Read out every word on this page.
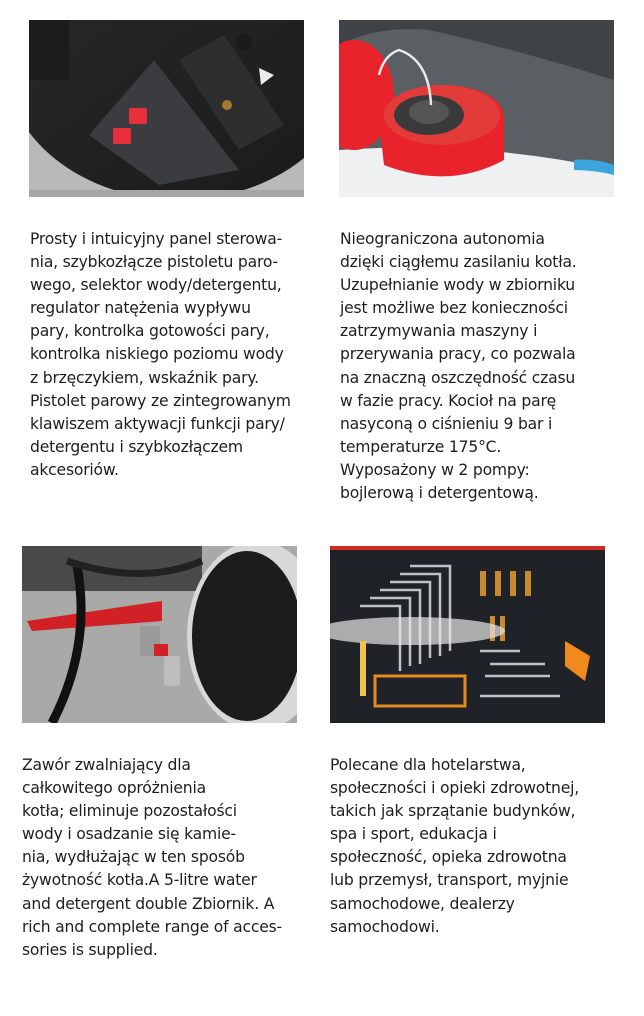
Prosty i intuicyjny panel sterowa-
nia, szybkozłącze pistoletu paro-
wego, selektor wody/detergentu,
regulator natężenia wypływu
pary, kontrolka gotowości pary,
kontrolka niskiego poziomu wody
z brzęczykiem, wskaźnik pary.
Pistolet parowy ze zintegrowanym
klawiszem aktywacji funkcji pary/
detergentu i szybkozłączem
akcesoriów.

Nieograniczona autonomia
dzięki ciągłemu zasilaniu kotła.
Uzupełnianie wody w zbiorniku
jest możliwe bez konieczności
zatrzymywania maszyny i
przerywania pracy, co pozwala
na znaczną oszczędność czasu
w fazie pracy. Kocioł na parę
nasyconą o ciśnieniu 9 bar i
temperaturze 175°C.
Wyposażony w 2 pompy:
bojlerową i detergentową.

Zawór zwalniający dla
całkowitego opróżnienia
kotła; eliminuje pozostałości
wody i osadzanie się kamie-
nia, wydłużając w ten sposób
żywotność kotła.A 5-litre water
and detergent double Zbiornik. A
rich and complete range of acces-
sories is supplied.

Polecane dla hotelarstwa,
społeczności i opieki zdrowotnej,
takich jak sprzątanie budynków,
spa i sport, edukacja i
społeczność, opieka zdrowotna
lub przemysł, transport, myjnie
samochodowe, dealerzy
samochodowi.
